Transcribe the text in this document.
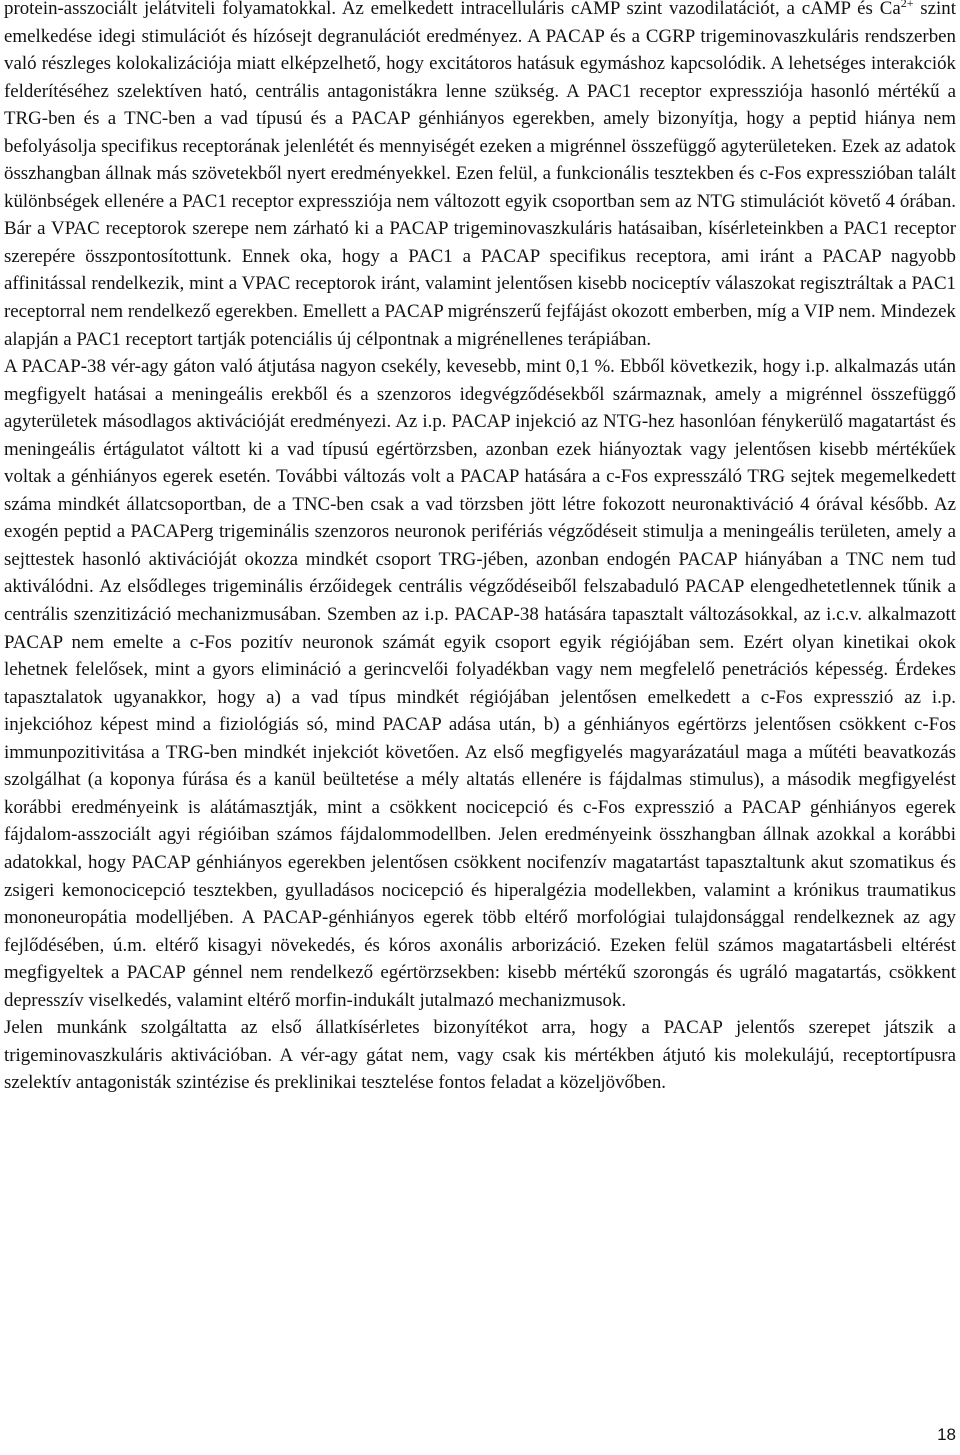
protein-asszociált jelátviteli folyamatokkal. Az emelkedett intracelluláris cAMP szint vazodilatációt, a cAMP és $Ca^{2+}$ szint emelkedése idegi stimulációt és hízósejt degranulációt eredményez. A PACAP és a CGRP trigeminovaszkuláris rendszerben való részleges kolokalizációja miatt elképzelhető, hogy excitátoros hatásuk egymáshoz kapcsolódik. A lehetséges interakciók felderítéséhez szelektíven ható, centrális antagonistákra lenne szükség. A PAC1 receptor expressziója hasonló mértékű a TRG-ben és a TNC-ben a vad típusú és a PACAP génhiányos egerekben, amely bizonyítja, hogy a peptid hiánya nem befolyásolja specifikus receptorának jelenlétét és mennyiségét ezeken a migrénnel összefüggő agyterületeken. Ezek az adatok összhangban állnak más szövetekből nyert eredményekkel. Ezen felül, a funkcionális tesztekben és c-Fos expresszióban talált különbségek ellenére a PAC1 receptor expressziója nem változott egyik csoportban sem az NTG stimulációt követő 4 órában. Bár a VPAC receptorok szerepe nem zárható ki a PACAP trigeminovaszkuláris hatásaiban, kísérleteinkben a PAC1 receptor szerepére összpontosítottunk. Ennek oka, hogy a PAC1 a PACAP specifikus receptora, ami iránt a PACAP nagyobb affinitással rendelkezik, mint a VPAC receptorok iránt, valamint jelentősen kisebb nociceptív válaszokat regisztráltak a PAC1 receptorral nem rendelkező egerekben. Emellett a PACAP migrénszerű fejfájást okozott emberben, míg a VIP nem. Mindezek alapján a PAC1 receptort tartják potenciális új célpontnak a migrénellenes terápiában.

A PACAP-38 vér-agy gáton való átjutása nagyon csekély, kevesebb, mint 0,1 %. Ebből következik, hogy i.p. alkalmazás után megfigyelt hatásai a meningeális erekből és a szenzoros idegvégződésekből származnak, amely a migrénnel összefüggő agyterületek másodlagos aktivációját eredményezi. Az i.p. PACAP injekció az NTG-hez hasonlóan fénykerülő magatartást és meningeális értágulatot váltott ki a vad típusú egértörzsben, azonban ezek hiányoztak vagy jelentősen kisebb mértékűek voltak a génhiányos egerek esetén. További változás volt a PACAP hatására a c-Fos expresszáló TRG sejtek megemelkedett száma mindkét állatcsoportban, de a TNC-ben csak a vad törzsben jött létre fokozott neuronaktiváció 4 órával később. Az exogén peptid a PACAPerg trigeminális szenzoros neuronok perifériás végződéseit stimulja a meningeális területen, amely a sejttestek hasonló aktivációját okozza mindkét csoport TRG-jében, azonban endogén PACAP hiányában a TNC nem tud aktiválódni. Az elsődleges trigeminális érzőidegek centrális végződéseiből felszabaduló PACAP elengedhetetlennek tűnik a centrális szenzitizáció mechanizmusában. Szemben az i.p. PACAP-38 hatására tapasztalt változásokkal, az i.c.v. alkalmazott PACAP nem emelte a c-Fos pozitív neuronok számát egyik csoport egyik régiójában sem. Ezért olyan kinetikai okok lehetnek felelősek, mint a gyors elimináció a gerincvelői folyadékban vagy nem megfelelő penetrációs képesség. Érdekes tapasztalatok ugyanakkor, hogy a) a vad típus mindkét régiójában jelentősen emelkedett a c-Fos expresszió az i.p. injekcióhoz képest mind a fiziológiás só, mind PACAP adása után, b) a génhiányos egértörzs jelentősen csökkent c-Fos immunpozitivitása a TRG-ben mindkét injekciót követően. Az első megfigyelés magyarázatául maga a műtéti beavatkozás szolgálhat (a koponya fúrása és a kanül beültetése a mély altatás ellenére is fájdalmas stimulus), a második megfigyelést korábbi eredményeink is alátámasztják, mint a csökkent nocicepció és c-Fos expresszió a PACAP génhiányos egerek fájdalom-asszociált agyi régióiban számos fájdalommodellben. Jelen eredményeink összhangban állnak azokkal a korábbi adatokkal, hogy PACAP génhiányos egerekben jelentősen csökkent nocifenzív magatartást tapasztaltunk akut szomatikus és zsigeri kemonocicepció tesztekben, gyulladásos nocicepció és hiperalgézia modellekben, valamint a krónikus traumatikus mononeuropátia modelljében. A PACAP-génhiányos egerek több eltérő morfológiai tulajdonsággal rendelkeznek az agy fejlődésében, ú.m. eltérő kisagyi növekedés, és kóros axonális arborizáció. Ezeken felül számos magatartásbeli eltérést megfigyeltek a PACAP génnel nem rendelkező egértörzsekben: kisebb mértékű szorongás és ugráló magatartás, csökkent depresszív viselkedés, valamint eltérő morfin-indukált jutalmazó mechanizmusok.

Jelen munkánk szolgáltatta az első állatkísérletes bizonyítékot arra, hogy a PACAP jelentős szerepet játszik a trigeminovaszkuláris aktivációban. A vér-agy gátat nem, vagy csak kis mértékben átjutó kis molekulájú, receptortípusra szelektív antagonisták szintézise és preklinikai tesztelése fontos feladat a közeljövőben.

18
